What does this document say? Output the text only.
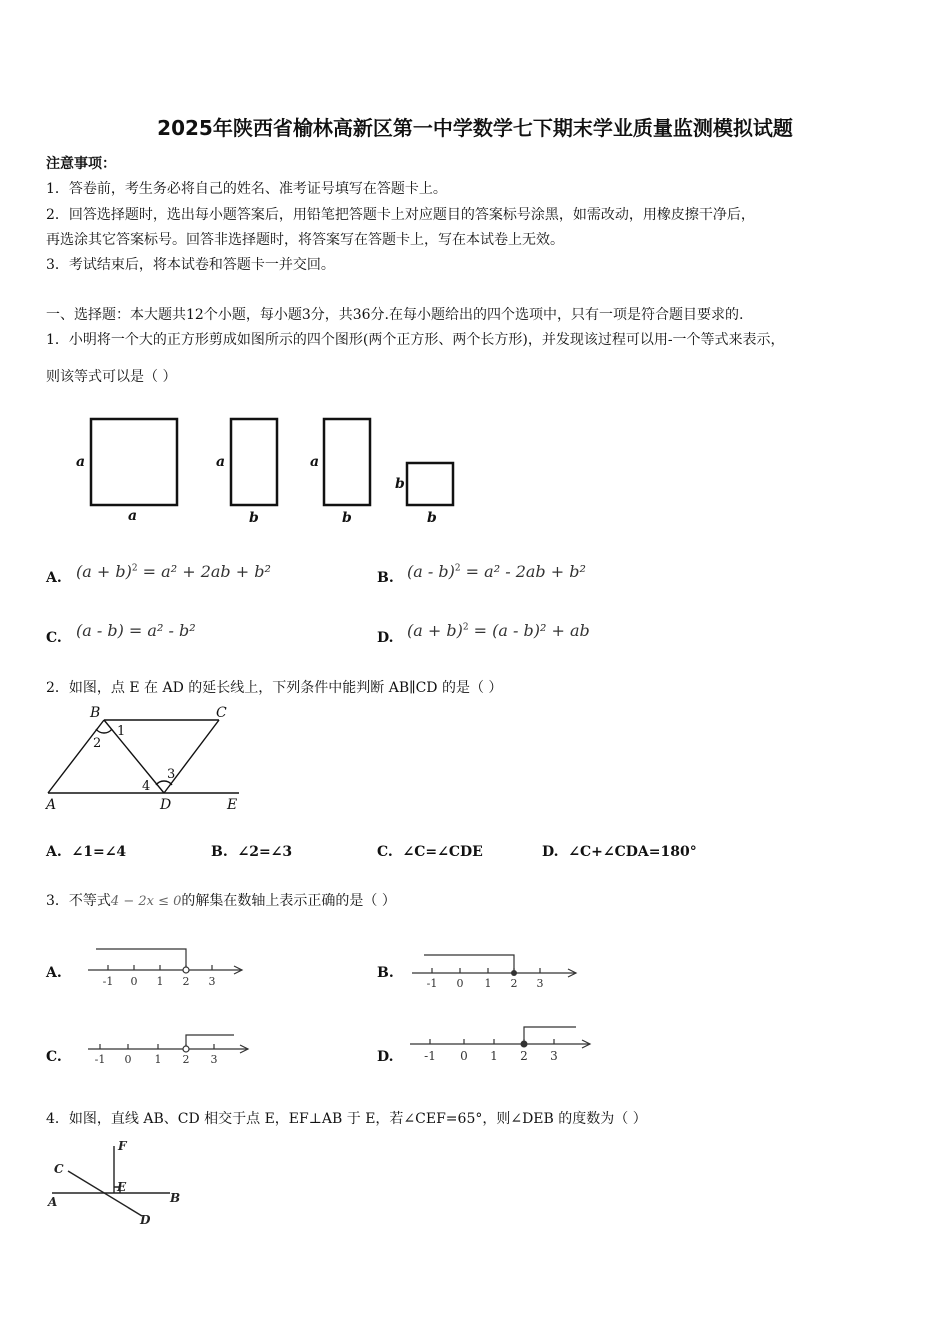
2025年陕西省榆林高新区第一中学数学七下期末学业质量监测模拟试题
注意事项：
1．答卷前，考生务必将自己的姓名、准考证号填写在答题卡上。
2．回答选择题时，选出每小题答案后，用铅笔把答题卡上对应题目的答案标号涂黑，如需改动，用橡皮擦干净后，
再选涂其它答案标号。回答非选择题时，将答案写在答题卡上，写在本试卷上无效。
3．考试结束后，将本试卷和答题卡一并交回。
一、选择题：本大题共12个小题，每小题3分，共36分.在每小题给出的四个选项中，只有一项是符合题目要求的.
1．小明将一个大的正方形剪成如图所示的四个图形(两个正方形、两个长方形)，并发现该过程可以用-一个等式来表示，
则该等式可以是（ ）
a
a
a
b
a
b
b
b
A. $(a + b)^2 = a^2 + 2ab + b^2$	B. (a - b)$^2$ = a² - 2ab + b²
C. (a - b) = a² - b²	D. $(a + b)^2 = (a - b)^2$ + ab
2．如图，点 E 在 AD 的延长线上，下列条件中能判断 AB∥CD 的是（ ）
B	C
A	D	E
1
2
3
4
A. ∠1=∠4	B. ∠2=∠3	C. ∠C=∠CDE	D. ∠C+∠CDA=180°
3．不等式4 − 2x ≤ 0的解集在数轴上表示正确的是（ ）
A.
-1 0 1 2 3
B.
-1 0 1 2 3
C.	-1 0 1 2 3	D.	-1 0 1 2 3
4．如图，直线 AB、CD 相交于点 E，EF⊥AB 于 E，若∠CEF=65°，则∠DEB 的度数为（ ）
A	B
C
D
E
F
